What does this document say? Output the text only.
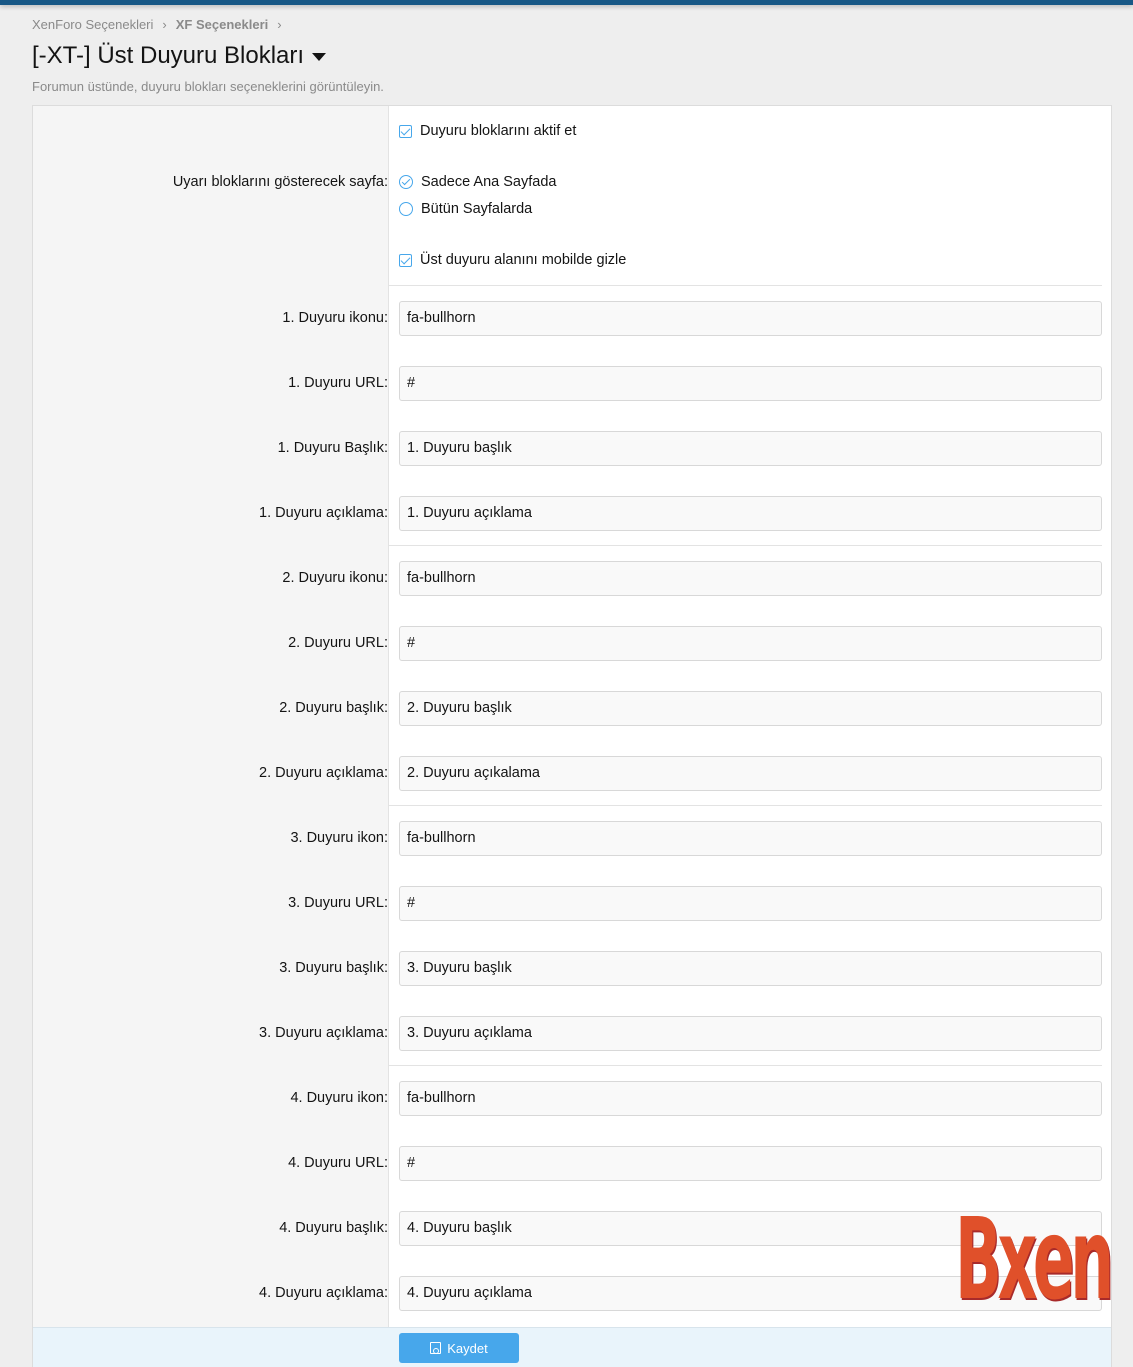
XenForo Seçenekleri › XF Seçenekleri ›
[-XT-] Üst Duyuru Blokları
Forumun üstünde, duyuru blokları seçeneklerini görüntüleyin.
Duyuru bloklarını aktif et
Uyarı bloklarını gösterecek sayfa: Sadece Ana Sayfada
Bütün Sayfalarda
Üst duyuru alanını mobilde gizle
1. Duyuru ikonu:	fa-bullhorn
1. Duyuru URL:	#
1. Duyuru Başlık:	1. Duyuru başlık
1. Duyuru açıklama:	1. Duyuru açıklama
2. Duyuru ikonu:	fa-bullhorn
2. Duyuru URL:	#
2. Duyuru başlık:	2. Duyuru başlık
2. Duyuru açıklama:	2. Duyuru açıkalama
3. Duyuru ikon:	fa-bullhorn
3. Duyuru URL:	#
3. Duyuru başlık:	3. Duyuru başlık
3. Duyuru açıklama:	3. Duyuru açıklama
4. Duyuru ikon:	fa-bullhorn
4. Duyuru URL:	#
4. Duyuru başlık:	4. Duyuru başlık
4. Duyuru açıklama:	4. Duyuru açıklama
Kaydet
Bxen
